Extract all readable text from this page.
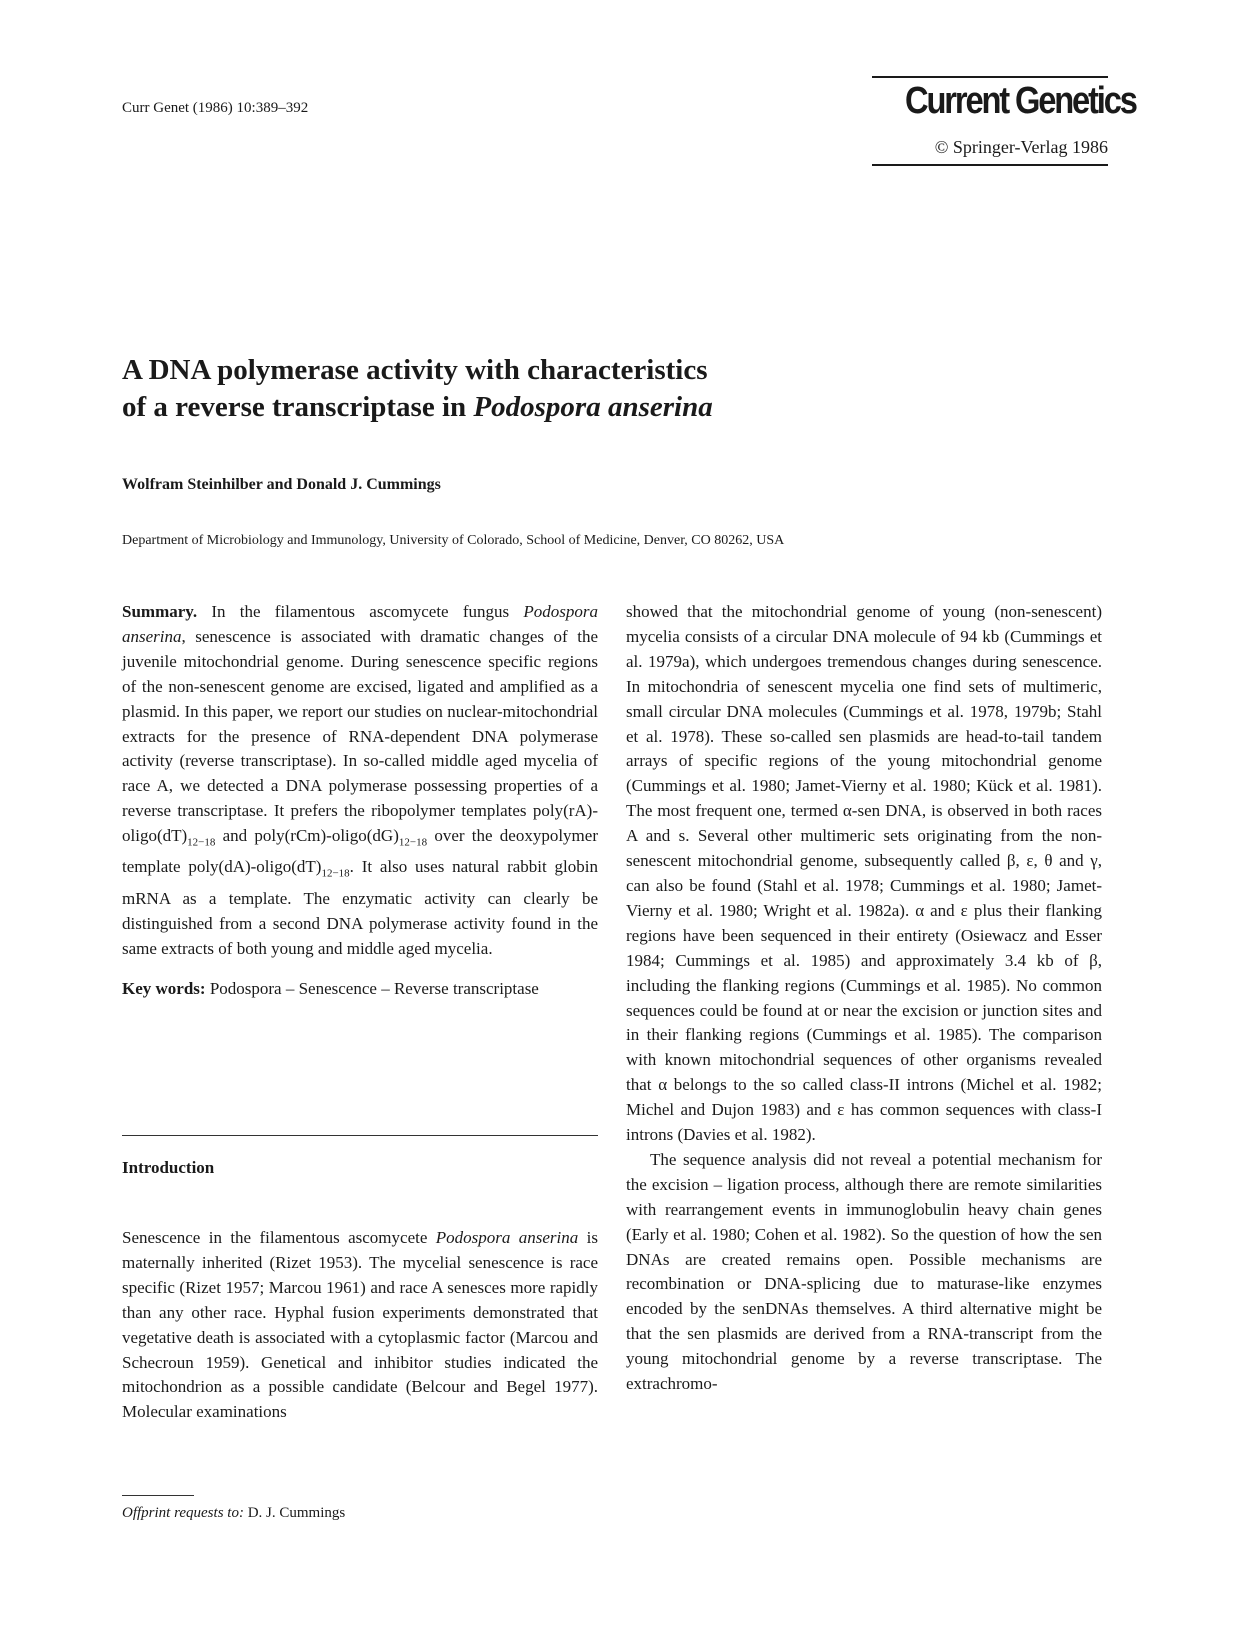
Curr Genet (1986) 10:389–392	Current Genetics
© Springer-Verlag 1986
A DNA polymerase activity with characteristics
of a reverse transcriptase in Podospora anserina
Wolfram Steinhilber and Donald J. Cummings
Department of Microbiology and Immunology, University of Colorado, School of Medicine, Denver, CO 80262, USA

Summary. In the filamentous ascomycete fungus Podospora anserina, senescence is associated with dramatic changes of the juvenile mitochondrial genome. During senescence specific regions of the non-senescent genome are excised, ligated and amplified as a plasmid. In this paper, we report our studies on nuclear-mitochondrial extracts for the presence of RNA-dependent DNA polymerase activity (reverse transcriptase). In so-called middle aged mycelia of race A, we detected a DNA polymerase possessing properties of a reverse transcriptase. It prefers the ribopolymer templates $poly(rA)-oligo(dT)_{12-18}$ and $poly(rCm)-oligo(dG)_{12-18}$ over the deoxypolymer template $poly(dA)-oligo(dT)_{12-18}$. It also uses natural rabbit globin mRNA as a template. The enzymatic activity can clearly be distinguished from a second DNA polymerase activity found in the same extracts of both young and middle aged mycelia.

Key words: Podospora – Senescence – Reverse transcriptase

Introduction

Senescence in the filamentous ascomycete Podospora anserina is maternally inherited (Rizet 1953). The mycelial senescence is race specific (Rizet 1957; Marcou 1961) and race A senesces more rapidly than any other race. Hyphal fusion experiments demonstrated that vegetative death is associated with a cytoplasmic factor (Marcou and Schecroun 1959). Genetical and inhibitor studies indicated the mitochondrion as a possible candidate (Belcour and Begel 1977). Molecular examinations

showed that the mitochondrial genome of young (non-senescent) mycelia consists of a circular DNA molecule of 94 kb (Cummings et al. 1979a), which undergoes tremendous changes during senescence. In mitochondria of senescent mycelia one find sets of multimeric, small circular DNA molecules (Cummings et al. 1978, 1979b; Stahl et al. 1978). These so-called sen plasmids are head-to-tail tandem arrays of specific regions of the young mitochondrial genome (Cummings et al. 1980; Jamet-Vierny et al. 1980; Kück et al. 1981). The most frequent one, termed α-sen DNA, is observed in both races A and s. Several other multimeric sets originating from the non-senescent mitochondrial genome, subsequently called β, ε, θ and γ, can also be found (Stahl et al. 1978; Cummings et al. 1980; Jamet-Vierny et al. 1980; Wright et al. 1982a). α and ε plus their flanking regions have been sequenced in their entirety (Osiewacz and Esser 1984; Cummings et al. 1985) and approximately 3.4 kb of β, including the flanking regions (Cummings et al. 1985). No common sequences could be found at or near the excision or junction sites and in their flanking regions (Cummings et al. 1985). The comparison with known mitochondrial sequences of other organisms revealed that α belongs to the so called class-II introns (Michel et al. 1982; Michel and Dujon 1983) and ε has common sequences with class-I introns (Davies et al. 1982).

The sequence analysis did not reveal a potential mechanism for the excision – ligation process, although there are remote similarities with rearrangement events in immunoglobulin heavy chain genes (Early et al. 1980; Cohen et al. 1982). So the question of how the sen DNAs are created remains open. Possible mechanisms are recombination or DNA-splicing due to maturase-like enzymes encoded by the senDNAs themselves. A third alternative might be that the sen plasmids are derived from a RNA-transcript from the young mitochondrial genome by a reverse transcriptase. The extrachromo-

Offprint requests to: D. J. Cummings
